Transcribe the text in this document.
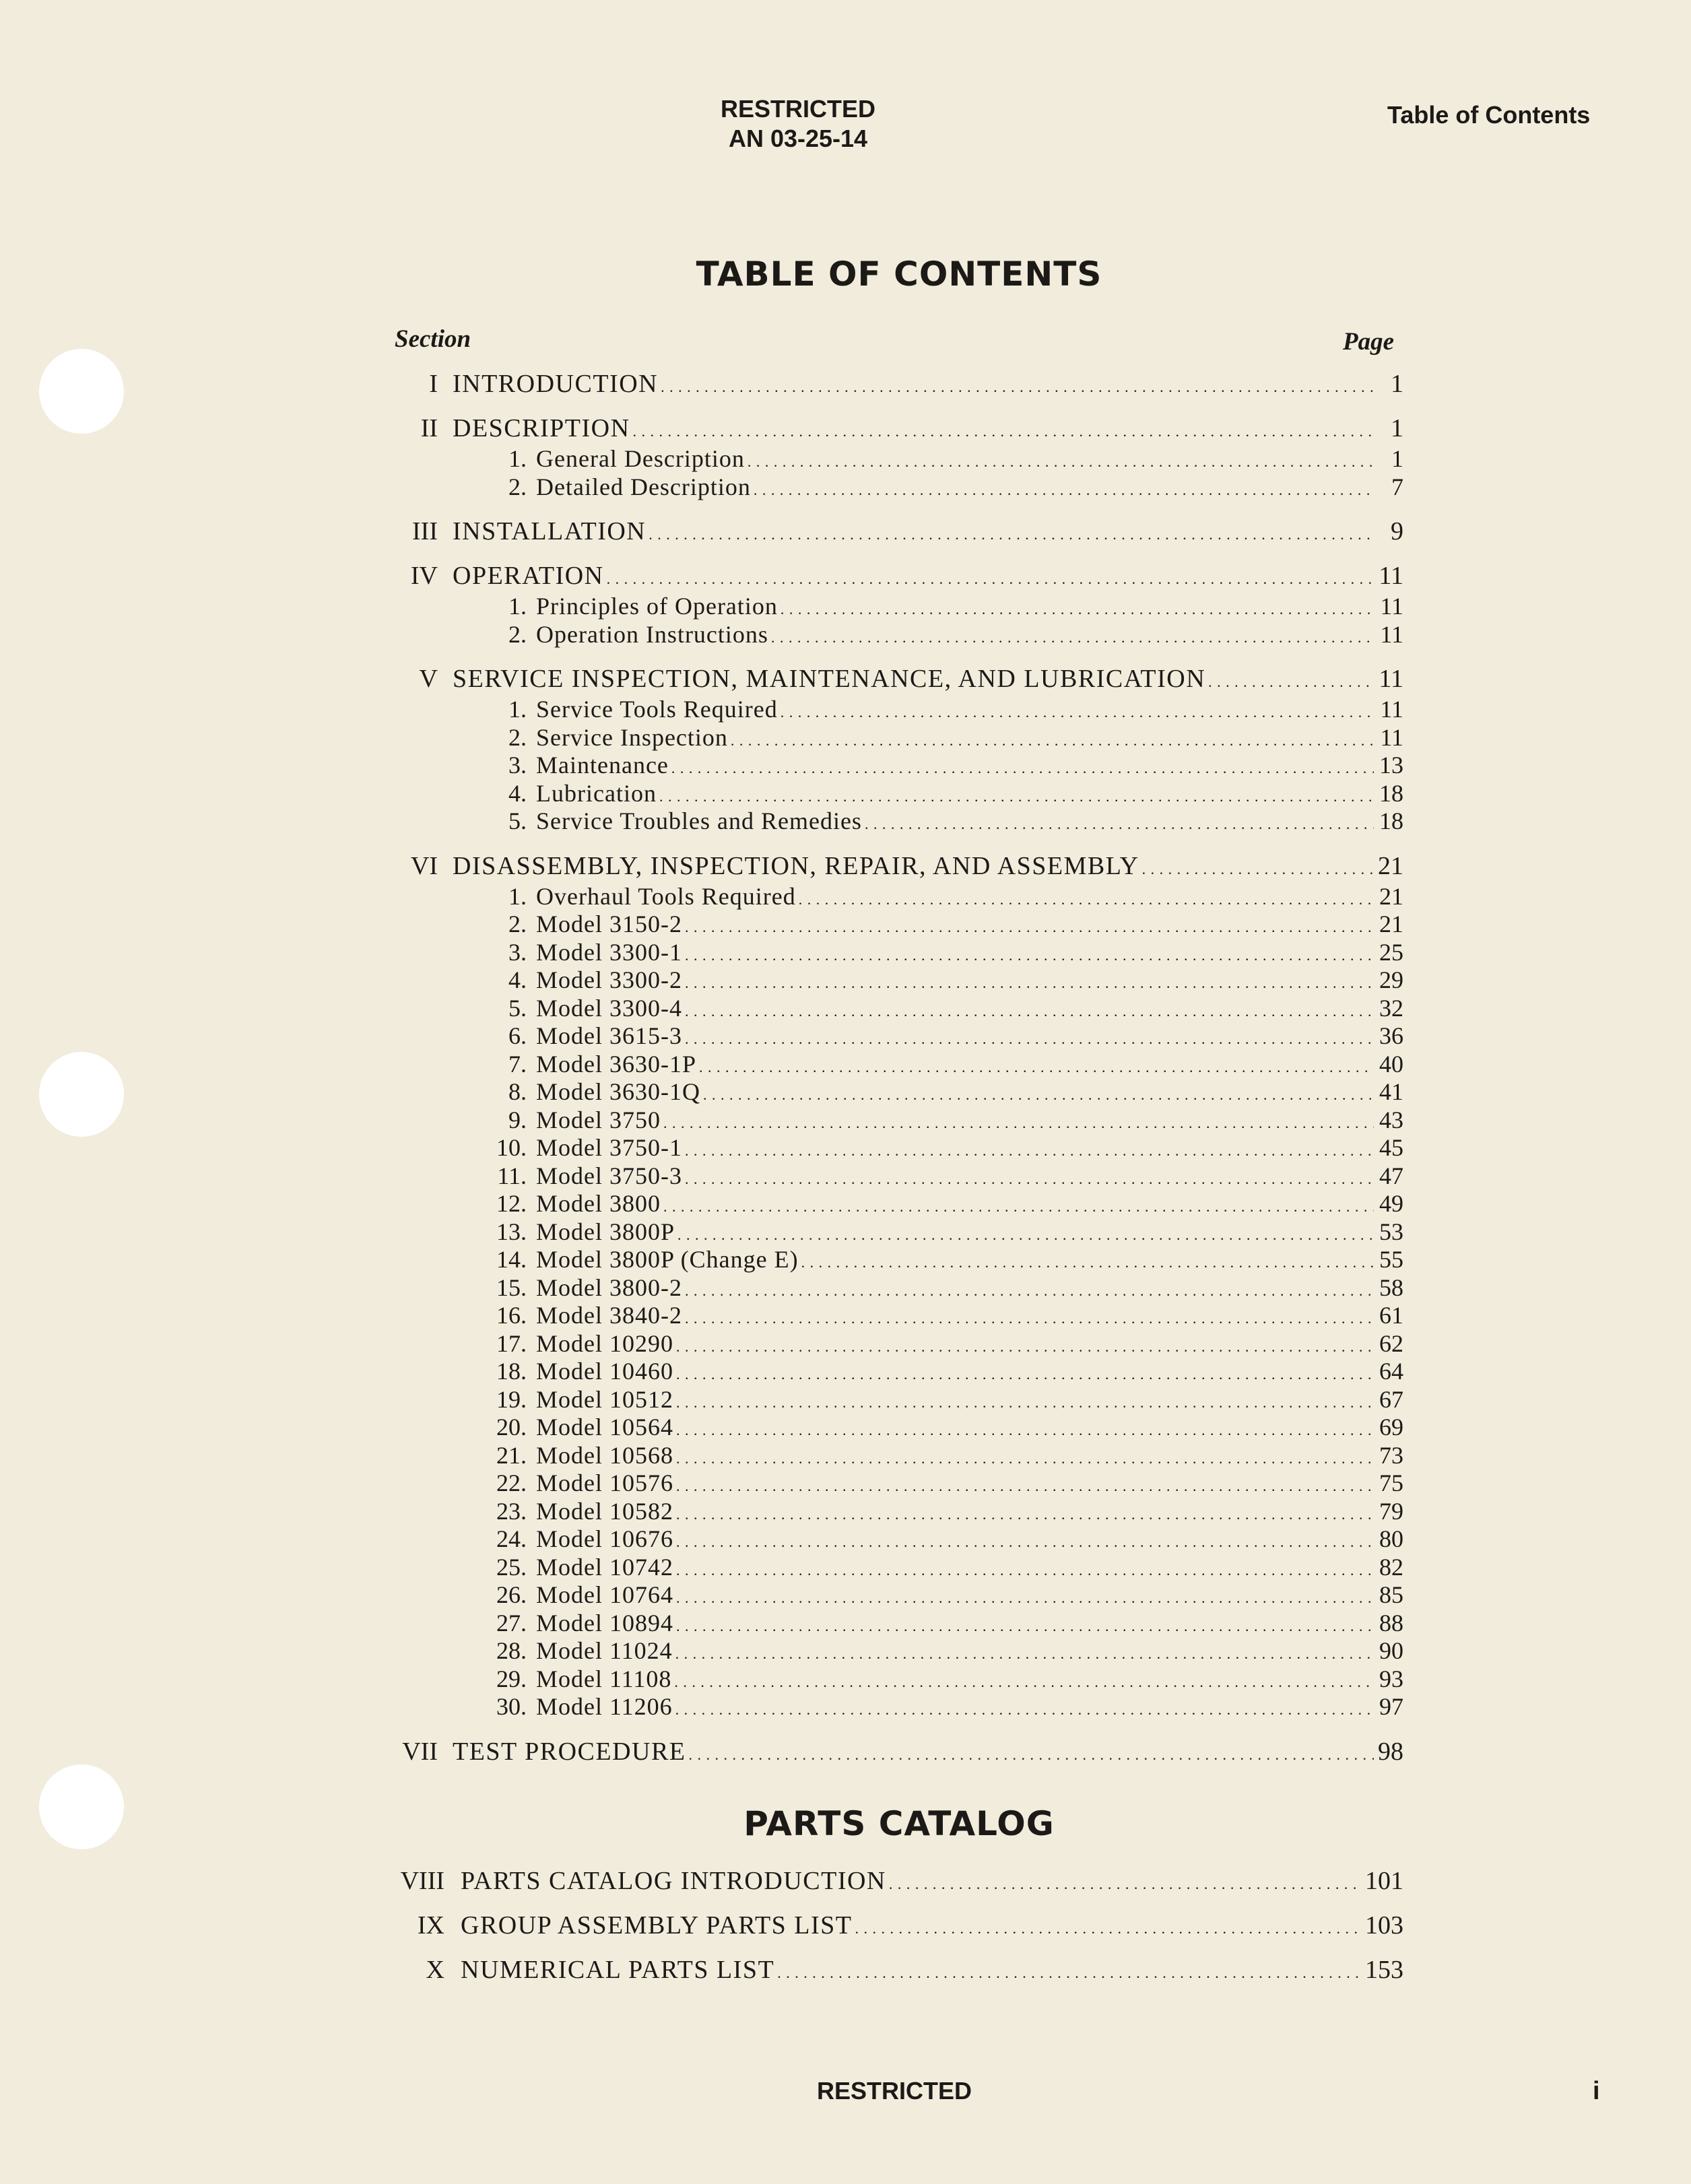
RESTRICTED
AN 03-25-14
Table of Contents
TABLE OF CONTENTS
Section	Page
I INTRODUCTION . . .	1
II DESCRIPTION . . .	1
1. General Description . . .	1
2. Detailed Description . . .	7
III INSTALLATION . . .	9
IV OPERATION . . .	11
1. Principles of Operation . . .	11
2. Operation Instructions . . .	11
V SERVICE INSPECTION, MAINTENANCE, AND LUBRICATION . . .	11
1. Service Tools Required . . .	11
2. Service Inspection . . .	11
3. Maintenance . . .	13
4. Lubrication . . .	18
5. Service Troubles and Remedies . . .	18
VI DISASSEMBLY, INSPECTION, REPAIR, AND ASSEMBLY . . .	21
1. Overhaul Tools Required . . .	21
2. Model 3150-2 . . .	21
3. Model 3300-1 . . .	25
4. Model 3300-2 . . .	29
5. Model 3300-4 . . .	32
6. Model 3615-3 . . .	36
7. Model 3630-1P . . .	40
8. Model 3630-1Q . . .	41
9. Model 3750 . . .	43
10. Model 3750-1 . . .	45
11. Model 3750-3 . . .	47
12. Model 3800 . . .	49
13. Model 3800P . . .	53
14. Model 3800P (Change E) . . .	55
15. Model 3800-2 . . .	58
16. Model 3840-2 . . .	61
17. Model 10290 . . .	62
18. Model 10460 . . .	64
19. Model 10512 . . .	67
20. Model 10564 . . .	69
21. Model 10568 . . .	73
22. Model 10576 . . .	75
23. Model 10582 . . .	79
24. Model 10676 . . .	80
25. Model 10742 . . .	82
26. Model 10764 . . .	85
27. Model 10894 . . .	88
28. Model 11024 . . .	90
29. Model 11108 . . .	93
30. Model 11206 . . .	97
VII TEST PROCEDURE . . .	98
PARTS CATALOG
VIII PARTS CATALOG INTRODUCTION . . .	101
IX GROUP ASSEMBLY PARTS LIST . . .	103
X NUMERICAL PARTS LIST . . .	153
RESTRICTED	i
